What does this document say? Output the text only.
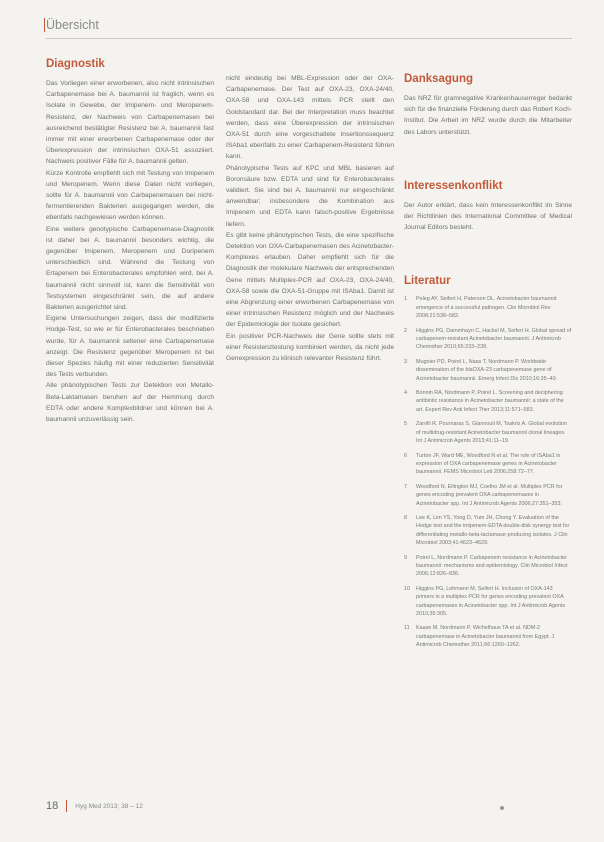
Übersicht
Diagnostik

Das Vorliegen einer erworbenen, also nicht intrinsischen Carbapenemase bei A. baumannii ist fraglich, wenn es Isolate in Gewebe, der Imipenem- und Meropenem-Resistenz, der Nachweis von Carbapenemasen bei ausreichend bestätigter Resistenz bei A. baumannii fast immer mit einer erworbenen Carbapenemase oder der Überexpression der intrinsischen OXA-51 assoziiert. Nachweis positiver Fälle für A. baumannii gelten.

Kürze Kontrolle empfiehlt sich mit Testung von Imipenem und Meropenem. Wenn diese Daten nicht vorliegen, sollte für A. baumannii von Carbapenemasen bei nicht-fermentierenden Bakterien ausgegangen werden, die ebenfalls nachgewiesen werden können.

Eine weitere genotypische Carbapenemase-Diagnostik ist daher bei A. baumannii besonders wichtig, die gegenüber Imipenem, Meropenem und Doripenem unterschiedlich sind. Während die Testung von Ertapenem bei Enterobacterales empfohlen wird, bei A. baumannii nicht sinnvoll ist, kann die Sensitivität von Testsystemen eingeschränkt sein, die auf andere Bakterien ausgerichtet sind.

Eigene Untersuchungen zeigen, dass der modifizierte Hodge-Test, so wie er für Enterobacterales beschrieben wurde, für A. baumannii seltener eine Carbapenemase anzeigt. Die Resistenz gegenüber Meropenem ist bei dieser Spezies häufig mit einer reduzierten Sensitivität des Tests verbunden.

Alle phänotypischen Tests zur Detektion von Metallo-Beta-Laktamasen beruhen auf der Hemmung durch EDTA oder andere Komplexbildner und können bei A. baumannii unzuverlässig sein.

nicht eindeutig bei MBL-Expression oder der OXA-Carbapenemase. Der Test auf OXA-23, OXA-24/40, OXA-58 und OXA-143 mittels PCR stellt den Goldstandard dar. Bei der Interpretation muss beachtet werden, dass eine Überexpression der intrinsischen OXA-51 durch eine vorgeschaltete Insertionssequenz ISAba1 ebenfalls zu einer Carbapenem-Resistenz führen kann.

Phänotypische Tests auf KPC und MBL basieren auf Boronsäure bzw. EDTA und sind für Enterobacterales validiert. Sie sind bei A. baumannii nur eingeschränkt anwendbar; insbesondere die Kombination aus Imipenem und EDTA kann falsch-positive Ergebnisse liefern.

Es gibt keine phänotypischen Tests, die eine spezifische Detektion von OXA-Carbapenemasen des Acinetobacter-Komplexes erlauben. Daher empfiehlt sich für die Diagnostik der molekulare Nachweis der entsprechenden Gene mittels Multiplex-PCR auf OXA-23, OXA-24/40, OXA-58 sowie die OXA-51-Gruppe mit ISAba1. Damit ist eine Abgrenzung einer erworbenen Carbapenemase von einer intrinsischen Resistenz möglich und der Nachweis der Epidemiologie der Isolate gesichert.

Ein positiver PCR-Nachweis der Gene sollte stets mit einer Resistenztestung kombiniert werden, da nicht jede Genexpression zu klinisch relevanter Resistenz führt.

Danksagung
Das NRZ für gramnegative Krankenhauserreger bedankt sich für die finanzielle Förderung durch das Robert Koch-Institut. Die Arbeit im NRZ wurde durch die Mitarbeiter des Labors unterstützt.
Interessenkonflikt
Der Autor erklärt, dass kein Interessenkonflikt im Sinne der Richtlinien des International Committee of Medical Journal Editors besteht.
Literatur
1	Peleg AY, Seifert H, Paterson DL. Acinetobacter baumannii: emergence of a successful pathogen. Clin Microbiol Rev 2008;21:538–582.
2	Higgins PG, Dammhayn C, Hackel M, Seifert H. Global spread of carbapenem-resistant Acinetobacter baumannii. J Antimicrob Chemother 2010;65:233–238.
3	Mugnier PD, Poirel L, Naas T, Nordmann P. Worldwide dissemination of the blaOXA-23 carbapenemase gene of Acinetobacter baumannii. Emerg Infect Dis 2010;16:35–40.
4	Bonnin RA, Nordmann P, Poirel L. Screening and deciphering antibiotic resistance in Acinetobacter baumannii: a state of the art. Expert Rev Anti Infect Ther 2013;11:571–583.
5	Zarrilli R, Pournaras S, Giannouli M, Tsakris A. Global evolution of multidrug-resistant Acinetobacter baumannii clonal lineages. Int J Antimicrob Agents 2013;41:11–19.
6	Turton JF, Ward ME, Woodford N et al. The role of ISAba1 in expression of OXA carbapenemase genes in Acinetobacter baumannii. FEMS Microbiol Lett 2006;258:72–77.
7	Woodford N, Ellington MJ, Coelho JM et al. Multiplex PCR for genes encoding prevalent OXA carbapenemases in Acinetobacter spp. Int J Antimicrob Agents 2006;27:351–353.
8	Lee K, Lim YS, Yong D, Yum JH, Chong Y. Evaluation of the Hodge test and the imipenem-EDTA double-disk synergy test for differentiating metallo-beta-lactamase-producing isolates. J Clin Microbiol 2003;41:4623–4629.
9	Poirel L, Nordmann P. Carbapenem resistance in Acinetobacter baumannii: mechanisms and epidemiology. Clin Microbiol Infect 2006;12:826–836.
10	Higgins PG, Lehmann M, Seifert H. Inclusion of OXA-143 primers in a multiplex PCR for genes encoding prevalent OXA carbapenemases in Acinetobacter spp. Int J Antimicrob Agents 2010;35:305.
11	Kaase M, Nordmann P, Wichelhaus TA et al. NDM-2 carbapenemase in Acinetobacter baumannii from Egypt. J Antimicrob Chemother 2011;66:1260–1262.
18	Hyg Med 2013; 38 – 12
